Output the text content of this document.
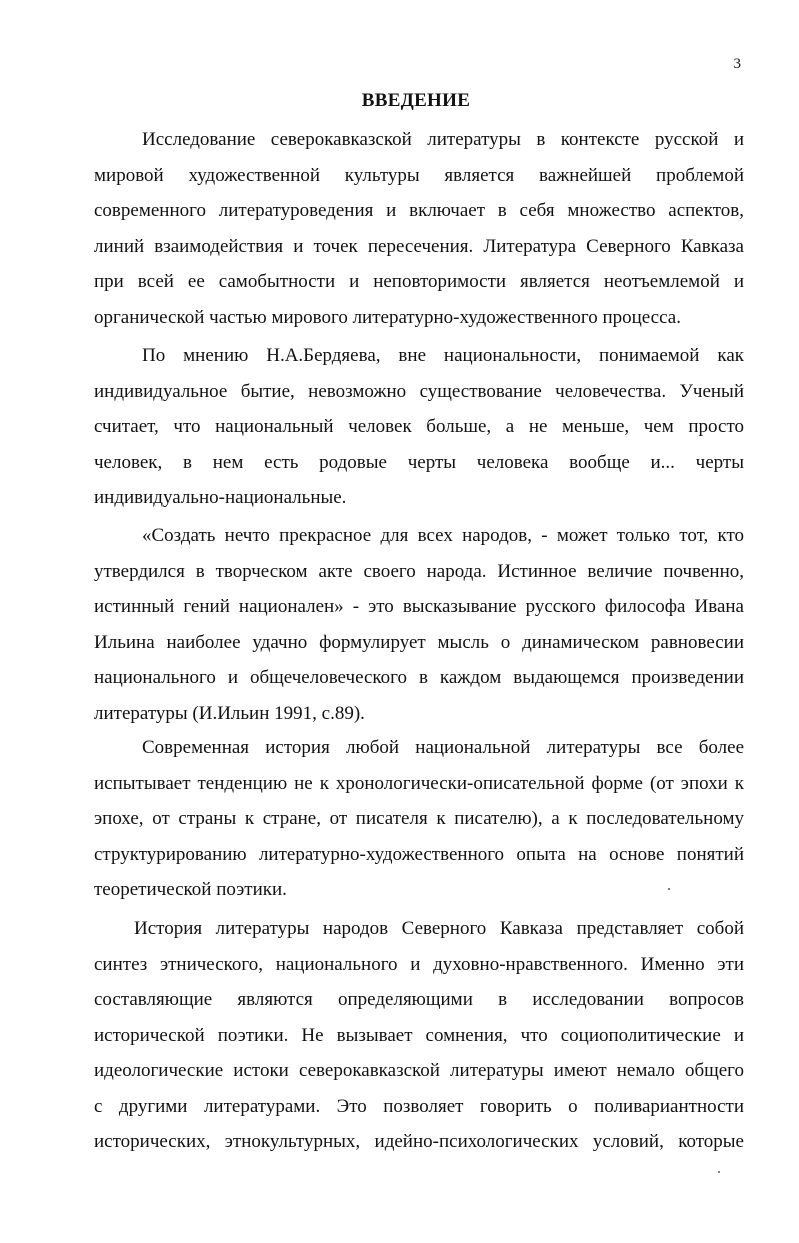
3
ВВЕДЕНИЕ
Исследование северокавказской литературы в контексте русской и
мировой художественной культуры является важнейшей проблемой
современного литературоведения и включает в себя множество аспектов,
линий взаимодействия и точек пересечения. Литература Северного Кавказа
при всей ее самобытности и неповторимости является неотъемлемой и
органической частью мирового литературно-художественного процесса.
По мнению Н.А.Бердяева, вне национальности, понимаемой как
индивидуальное бытие, невозможно существование человечества. Ученый
считает, что национальный человек больше, а не меньше, чем просто
человек, в нем есть родовые черты человека вообще и... черты
индивидуально-национальные.
«Создать нечто прекрасное для всех народов, - может только тот, кто
утвердился в творческом акте своего народа. Истинное величие почвенно,
истинный гений национален» - это высказывание русского философа Ивана
Ильина наиболее удачно формулирует мысль о динамическом равновесии
национального и общечеловеческого в каждом выдающемся произведении
литературы (И.Ильин 1991, с.89).
Современная история любой национальной литературы все более
испытывает тенденцию не к хронологически-описательной форме (от эпохи к
эпохе, от страны к стране, от писателя к писателю), а к последовательному
структурированию литературно-художественного опыта на основе понятий
теоретической поэтики.
История литературы народов Северного Кавказа представляет собой
синтез этнического, национального и духовно-нравственного. Именно эти
составляющие являются определяющими в исследовании вопросов
исторической поэтики. Не вызывает сомнения, что социополитические и
идеологические истоки северокавказской литературы имеют немало общего
с другими литературами. Это позволяет говорить о поливариантности
исторических, этнокультурных, идейно-психологических условий, которые
